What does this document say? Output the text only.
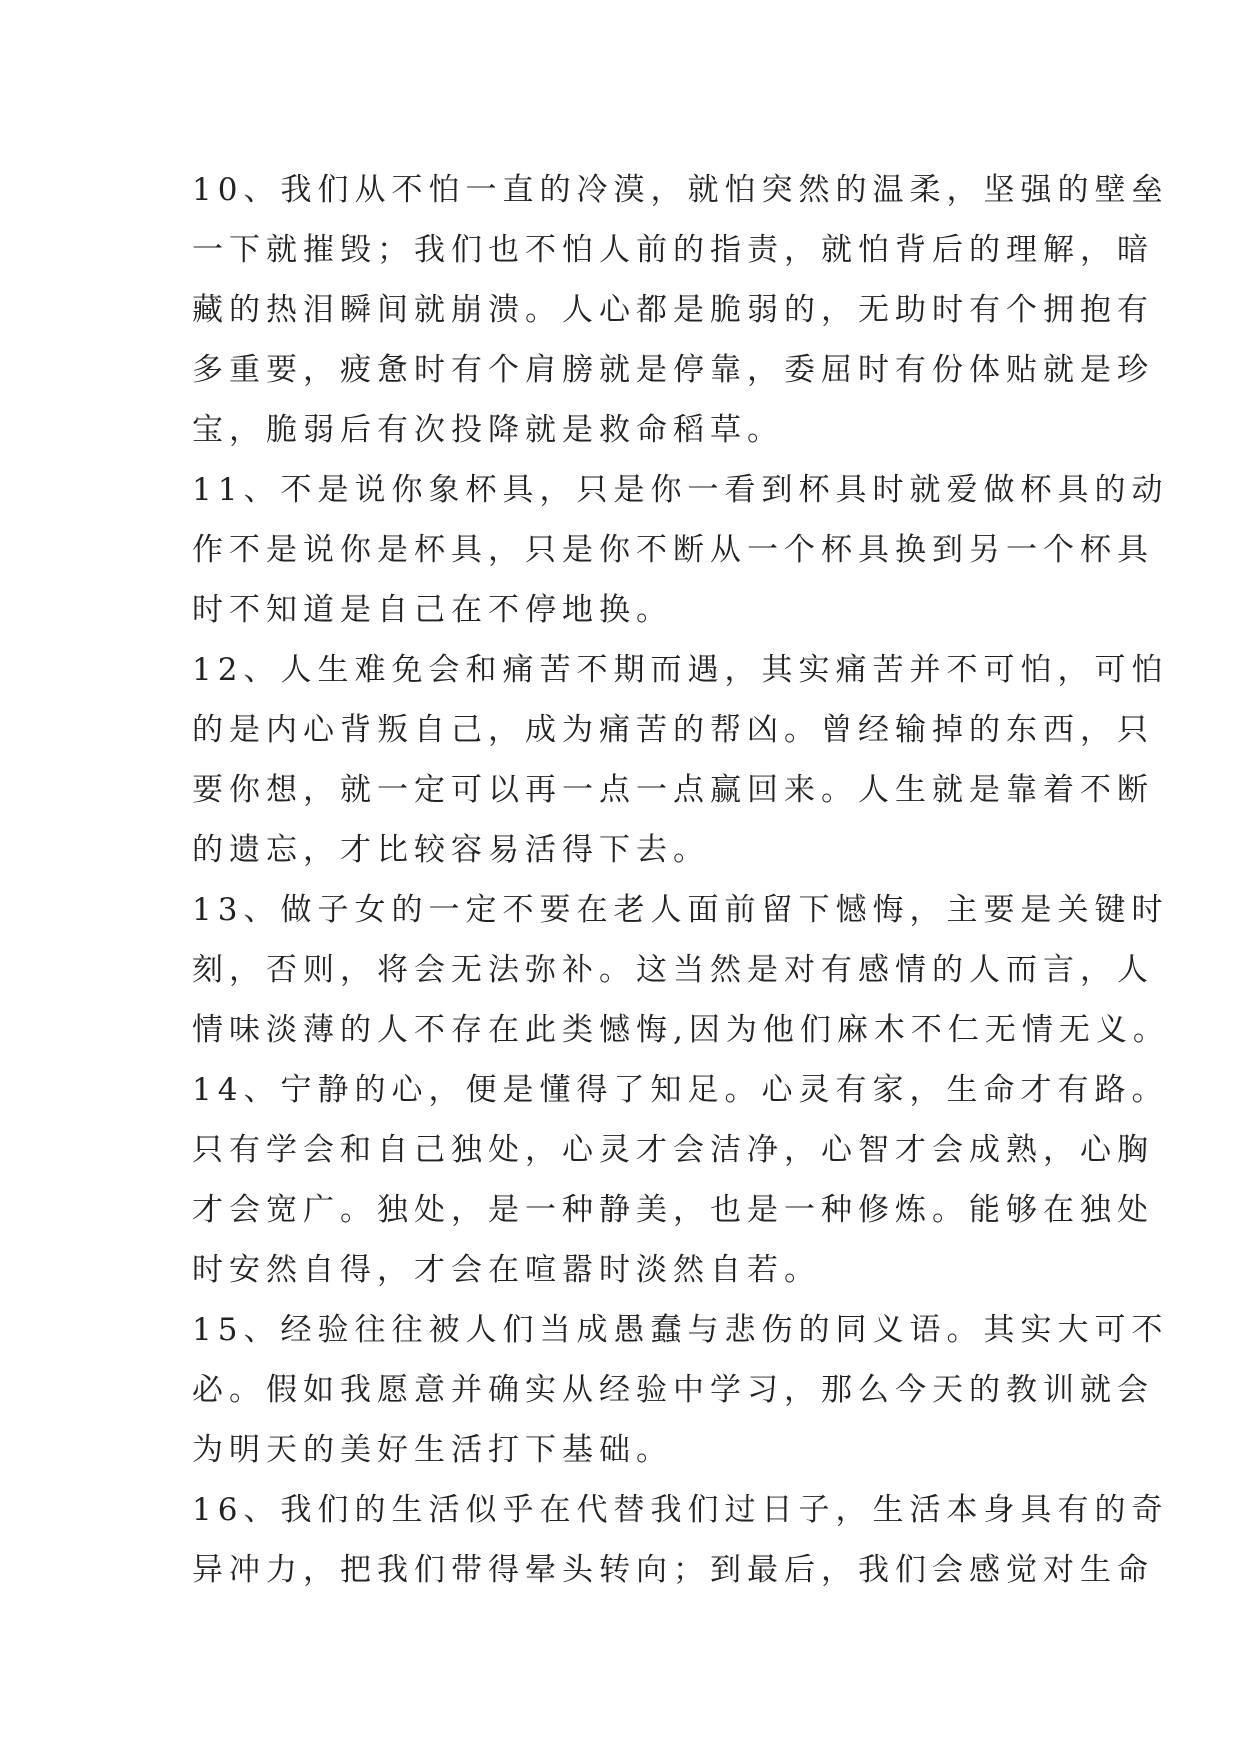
10、我们从不怕一直的冷漠，就怕突然的温柔，坚强的壁垒
一下就摧毁；我们也不怕人前的指责，就怕背后的理解，暗
藏的热泪瞬间就崩溃。人心都是脆弱的，无助时有个拥抱有
多重要，疲惫时有个肩膀就是停靠，委屈时有份体贴就是珍
宝，脆弱后有次投降就是救命稻草。
11、不是说你象杯具，只是你一看到杯具时就爱做杯具的动
作不是说你是杯具，只是你不断从一个杯具换到另一个杯具
时不知道是自己在不停地换。
12、人生难免会和痛苦不期而遇，其实痛苦并不可怕，可怕
的是内心背叛自己，成为痛苦的帮凶。曾经输掉的东西，只
要你想，就一定可以再一点一点赢回来。人生就是靠着不断
的遗忘，才比较容易活得下去。
13、做子女的一定不要在老人面前留下憾悔，主要是关键时
刻，否则，将会无法弥补。这当然是对有感情的人而言，人
情味淡薄的人不存在此类憾悔,因为他们麻木不仁无情无义。
14、宁静的心，便是懂得了知足。心灵有家，生命才有路。
只有学会和自己独处，心灵才会洁净，心智才会成熟，心胸
才会宽广。独处，是一种静美，也是一种修炼。能够在独处
时安然自得，才会在喧嚣时淡然自若。
15、经验往往被人们当成愚蠢与悲伤的同义语。其实大可不
必。假如我愿意并确实从经验中学习，那么今天的教训就会
为明天的美好生活打下基础。
16、我们的生活似乎在代替我们过日子，生活本身具有的奇
异冲力，把我们带得晕头转向；到最后，我们会感觉对生命
